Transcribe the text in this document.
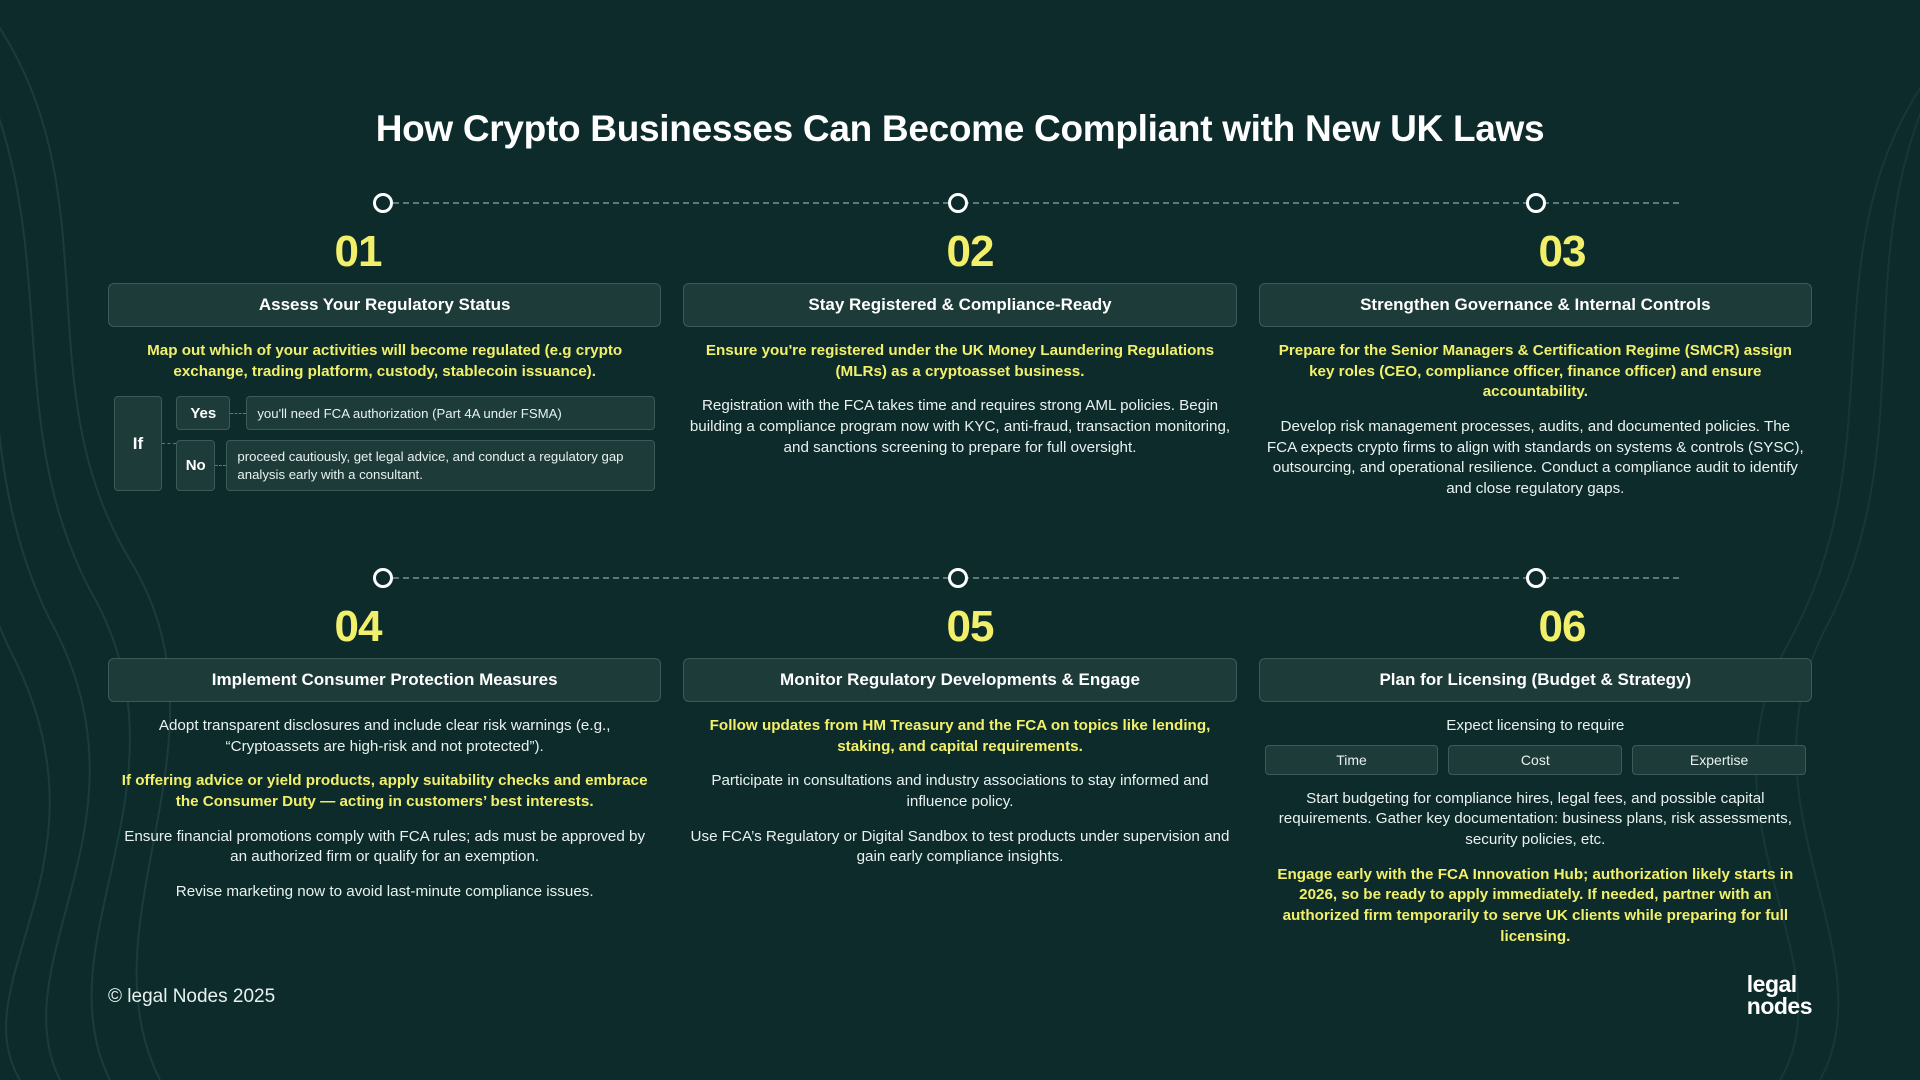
How Crypto Businesses Can Become Compliant with New UK Laws
01	02	03
Assess Your Regulatory Status

Map out which of your activities will become regulated (e.g crypto exchange, trading platform, custody, stablecoin issuance).

If
Yes	you'll need FCA authorization (Part 4A under FSMA)
No
proceed cautiously, get legal advice, and conduct a regulatory gap analysis early with a consultant.
Stay Registered & Compliance-Ready

Ensure you're registered under the UK Money Laundering Regulations (MLRs) as a cryptoasset business.

Registration with the FCA takes time and requires strong AML policies. Begin building a compliance program now with KYC, anti-fraud, transaction monitoring, and sanctions screening to prepare for full oversight.

Strengthen Governance & Internal Controls

Prepare for the Senior Managers & Certification Regime (SMCR) assign key roles (CEO, compliance officer, finance officer) and ensure accountability.

Develop risk management processes, audits, and documented policies. The FCA expects crypto firms to align with standards on systems & controls (SYSC), outsourcing, and operational resilience. Conduct a compliance audit to identify and close regulatory gaps.

04	05	06
Implement Consumer Protection Measures

Adopt transparent disclosures and include clear risk warnings (e.g., “Cryptoassets are high-risk and not protected”).

If offering advice or yield products, apply suitability checks and embrace the Consumer Duty — acting in customers’ best interests.

Ensure financial promotions comply with FCA rules; ads must be approved by an authorized firm or qualify for an exemption.

Revise marketing now to avoid last-minute compliance issues.

Monitor Regulatory Developments & Engage

Follow updates from HM Treasury and the FCA on topics like lending, staking, and capital requirements.

Participate in consultations and industry associations to stay informed and influence policy.

Use FCA’s Regulatory or Digital Sandbox to test products under supervision and gain early compliance insights.

Plan for Licensing (Budget & Strategy)

Expect licensing to require

Time	Cost	Expertise

Start budgeting for compliance hires, legal fees, and possible capital requirements. Gather key documentation: business plans, risk assessments, security policies, etc.

Engage early with the FCA Innovation Hub; authorization likely starts in 2026, so be ready to apply immediately. If needed, partner with an authorized firm temporarily to serve UK clients while preparing for full licensing.

© legal Nodes 2025	legal
nodes
